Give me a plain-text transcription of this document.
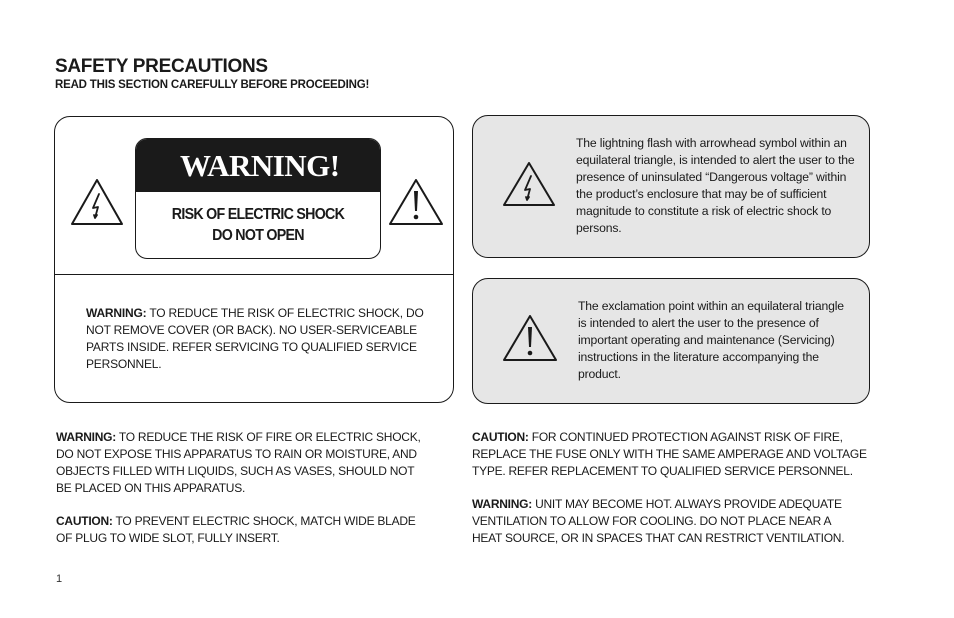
SAFETY PRECAUTIONS
READ THIS SECTION CAREFULLY BEFORE PROCEEDING!
WARNING!
RISK OF ELECTRIC SHOCK
DO NOT OPEN
WARNING: TO REDUCE THE RISK OF ELECTRIC SHOCK, DO NOT REMOVE COVER (OR BACK). NO USER-SERVICEABLE PARTS INSIDE. REFER SERVICING TO QUALIFIED SERVICE PERSONNEL.
The lightning flash with arrowhead symbol within an equilateral triangle, is intended to alert the user to the presence of uninsulated “Dangerous voltage” within the product’s enclosure that may be of sufficient magnitude to constitute a risk of electric shock to persons.
The exclamation point within an equilateral triangle is intended to alert the user to the presence of important operating and maintenance (Servicing) instructions in the literature accompanying the product.
WARNING: TO REDUCE THE RISK OF FIRE OR ELECTRIC SHOCK, DO NOT EXPOSE THIS APPARATUS TO RAIN OR MOISTURE, AND OBJECTS FILLED WITH LIQUIDS, SUCH AS VASES, SHOULD NOT BE PLACED ON THIS APPARATUS.
CAUTION: TO PREVENT ELECTRIC SHOCK, MATCH WIDE BLADE OF PLUG TO WIDE SLOT, FULLY INSERT.
CAUTION: FOR CONTINUED PROTECTION AGAINST RISK OF FIRE, REPLACE THE FUSE ONLY WITH THE SAME AMPERAGE AND VOLTAGE TYPE. REFER REPLACEMENT TO QUALIFIED SERVICE PERSONNEL.
WARNING: UNIT MAY BECOME HOT. ALWAYS PROVIDE ADEQUATE VENTILATION TO ALLOW FOR COOLING. DO NOT PLACE NEAR A HEAT SOURCE, OR IN SPACES THAT CAN RESTRICT VENTILATION.
1
